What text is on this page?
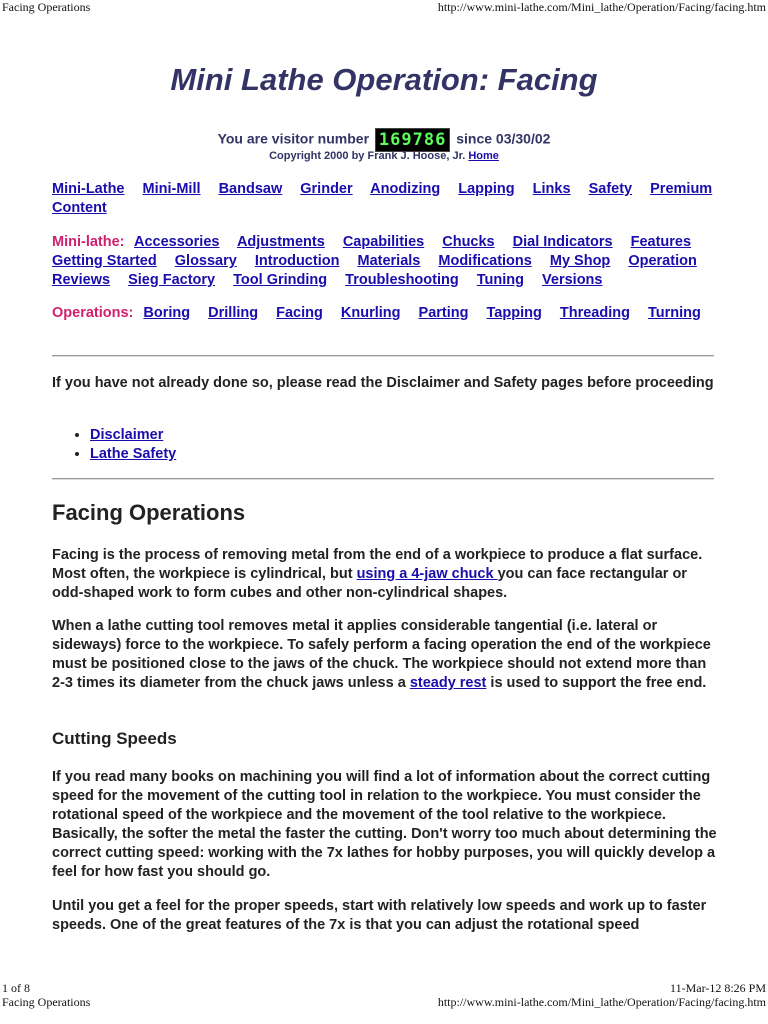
Facing Operations	http://www.mini-lathe.com/Mini_lathe/Operation/Facing/facing.htm
Mini Lathe Operation: Facing
You are visitor number 169786 since 03/30/02
Copyright 2000 by Frank J. Hoose, Jr. Home
Mini-Lathe Mini-Mill Bandsaw Grinder Anodizing Lapping Links Safety Premium Content
Mini-lathe: Accessories Adjustments Capabilities Chucks Dial Indicators Features Getting Started Glossary Introduction Materials Modifications My Shop Operation Reviews Sieg Factory Tool Grinding Troubleshooting Tuning Versions
Operations: Boring Drilling Facing Knurling Parting Tapping Threading Turning

If you have not already done so, please read the Disclaimer and Safety pages before proceeding

• Disclaimer
• Lathe Safety
Facing Operations

Facing is the process of removing metal from the end of a workpiece to produce a flat surface. Most often, the workpiece is cylindrical, but using a 4-jaw chuck you can face rectangular or odd-shaped work to form cubes and other non-cylindrical shapes.

When a lathe cutting tool removes metal it applies considerable tangential (i.e. lateral or sideways) force to the workpiece. To safely perform a facing operation the end of the workpiece must be positioned close to the jaws of the chuck. The workpiece should not extend more than 2-3 times its diameter from the chuck jaws unless a steady rest is used to support the free end.

Cutting Speeds

If you read many books on machining you will find a lot of information about the correct cutting speed for the movement of the cutting tool in relation to the workpiece. You must consider the rotational speed of the workpiece and the movement of the tool relative to the workpiece. Basically, the softer the metal the faster the cutting. Don't worry too much about determining the correct cutting speed: working with the 7x lathes for hobby purposes, you will quickly develop a feel for how fast you should go.

Until you get a feel for the proper speeds, start with relatively low speeds and work up to faster speeds. One of the great features of the 7x is that you can adjust the rotational speed

1 of 8	11-Mar-12 8:26 PM
Facing Operations	http://www.mini-lathe.com/Mini_lathe/Operation/Facing/facing.htm
